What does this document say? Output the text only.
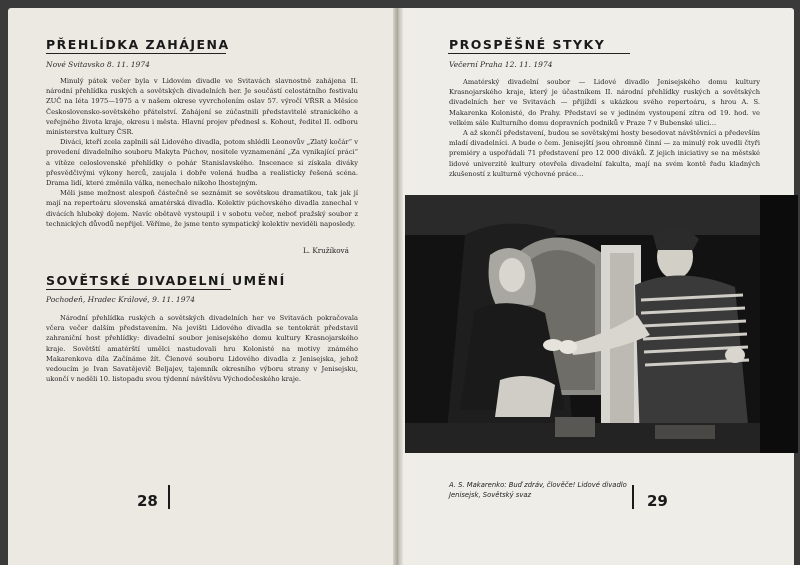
PŘEHLÍDKA ZAHÁJENA
Nové Svitavsko 8. 11. 1974

Minulý pátek večer byla v Lidovém divadle ve Svitavách slavnostně zahájena II. národní přehlídka ruských a sovětských divadelních her. Je součástí celostátního festivalu ZUČ na léta 1975—1975 a v našem okrese vyvrcholením oslav 57. výročí VŘSR a Měsíce Československo-sovětského přátelství. Zahájení se zúčastnili představitelé stranického a veřejného života kraje, okresu i města. Hlavní projev přednesl s. Kohout, ředitel II. odboru ministerstva kultury ČSR.

Diváci, kteří zcela zaplnili sál Lidového divadla, potom shlédli Leonovův „Zlatý kočár“ v provedení divadelního souboru Makyta Púchov, nositele vyznamenání „Za vynikající práci“ a vítěze celoslovenské přehlídky o pohár Stanislavského. Inscenace si získala diváky přesvědčivými výkony herců, zaujala i dobře volená hudba a realisticky řešená scéna. Drama lidí, které změnila válka, nenechalo nikoho lhostejným.

Měli jsme možnost alespoň částečně se seznámit se sovětskou dramatikou, tak jak jí mají na repertoáru slovenská amatérská divadla. Kolektiv púchovského divadla zanechal v divácích hluboký dojem. Navíc obětavě vystoupil i v sobotu večer, neboť pražský soubor z technických důvodů nepřijel. Věříme, že jsme tento sympatický kolektiv neviděli naposledy.

L. Kružíková
SOVĚTSKÉ DIVADELNÍ UMĚNÍ
Pochodeň, Hradec Králové, 9. 11. 1974

Národní přehlídka ruských a sovětských divadelních her ve Svitavách pokračovala včera večer dalším představením. Na jevišti Lidového divadla se tentokrát představil zahraniční host přehlídky: divadelní soubor jenisejského domu kultury Krasnojarského kraje. Sovětští amatérští umělci nastudovali hru Kolonisté na motivy známého Makarenkova díla Začínáme žít. Členové souboru Lidového divadla z Jenisejska, jehož vedoucím je Ivan Savatějevič Beljajev, tajemník okresního výboru strany v Jenisejsku, ukončí v neděli 10. listopadu svou týdenní návštěvu Východočeského kraje.

28
PROSPĚŠNÉ STYKY
Večerní Praha 12. 11. 1974

Amatérský divadelní soubor — Lidové divadlo Jenisejského domu kultury Krasnojarského kraje, který je účastníkem II. národní přehlídky ruských a sovětských divadelních her ve Svitavách — přijíždí s ukázkou svého repertoáru, s hrou A. S. Makarenka Kolonisté, do Prahy. Představí se v jediném vystoupení zítra od 19. hod. ve velkém sále Kulturního domu dopravních podniků v Praze 7 v Bubenské ulici…

A až skončí představení, budou se sovětskými hosty besedovat návštěvníci a především mladí divadelníci. A bude o čem. Jenisejští jsou ohromně činní — za minulý rok uvedli čtyři premiéry a uspořádali 71 představení pro 12 000 diváků. Z jejich iniciativy se na městské lidové univerzitě kultury otevřela divadelní fakulta, mají na svém kontě řadu kladných zkušeností z kulturně výchovné práce…

A. S. Makarenko: Buď zdráv, člověče! Lidové divadlo Jenisejsk, Sovětský svaz	29
